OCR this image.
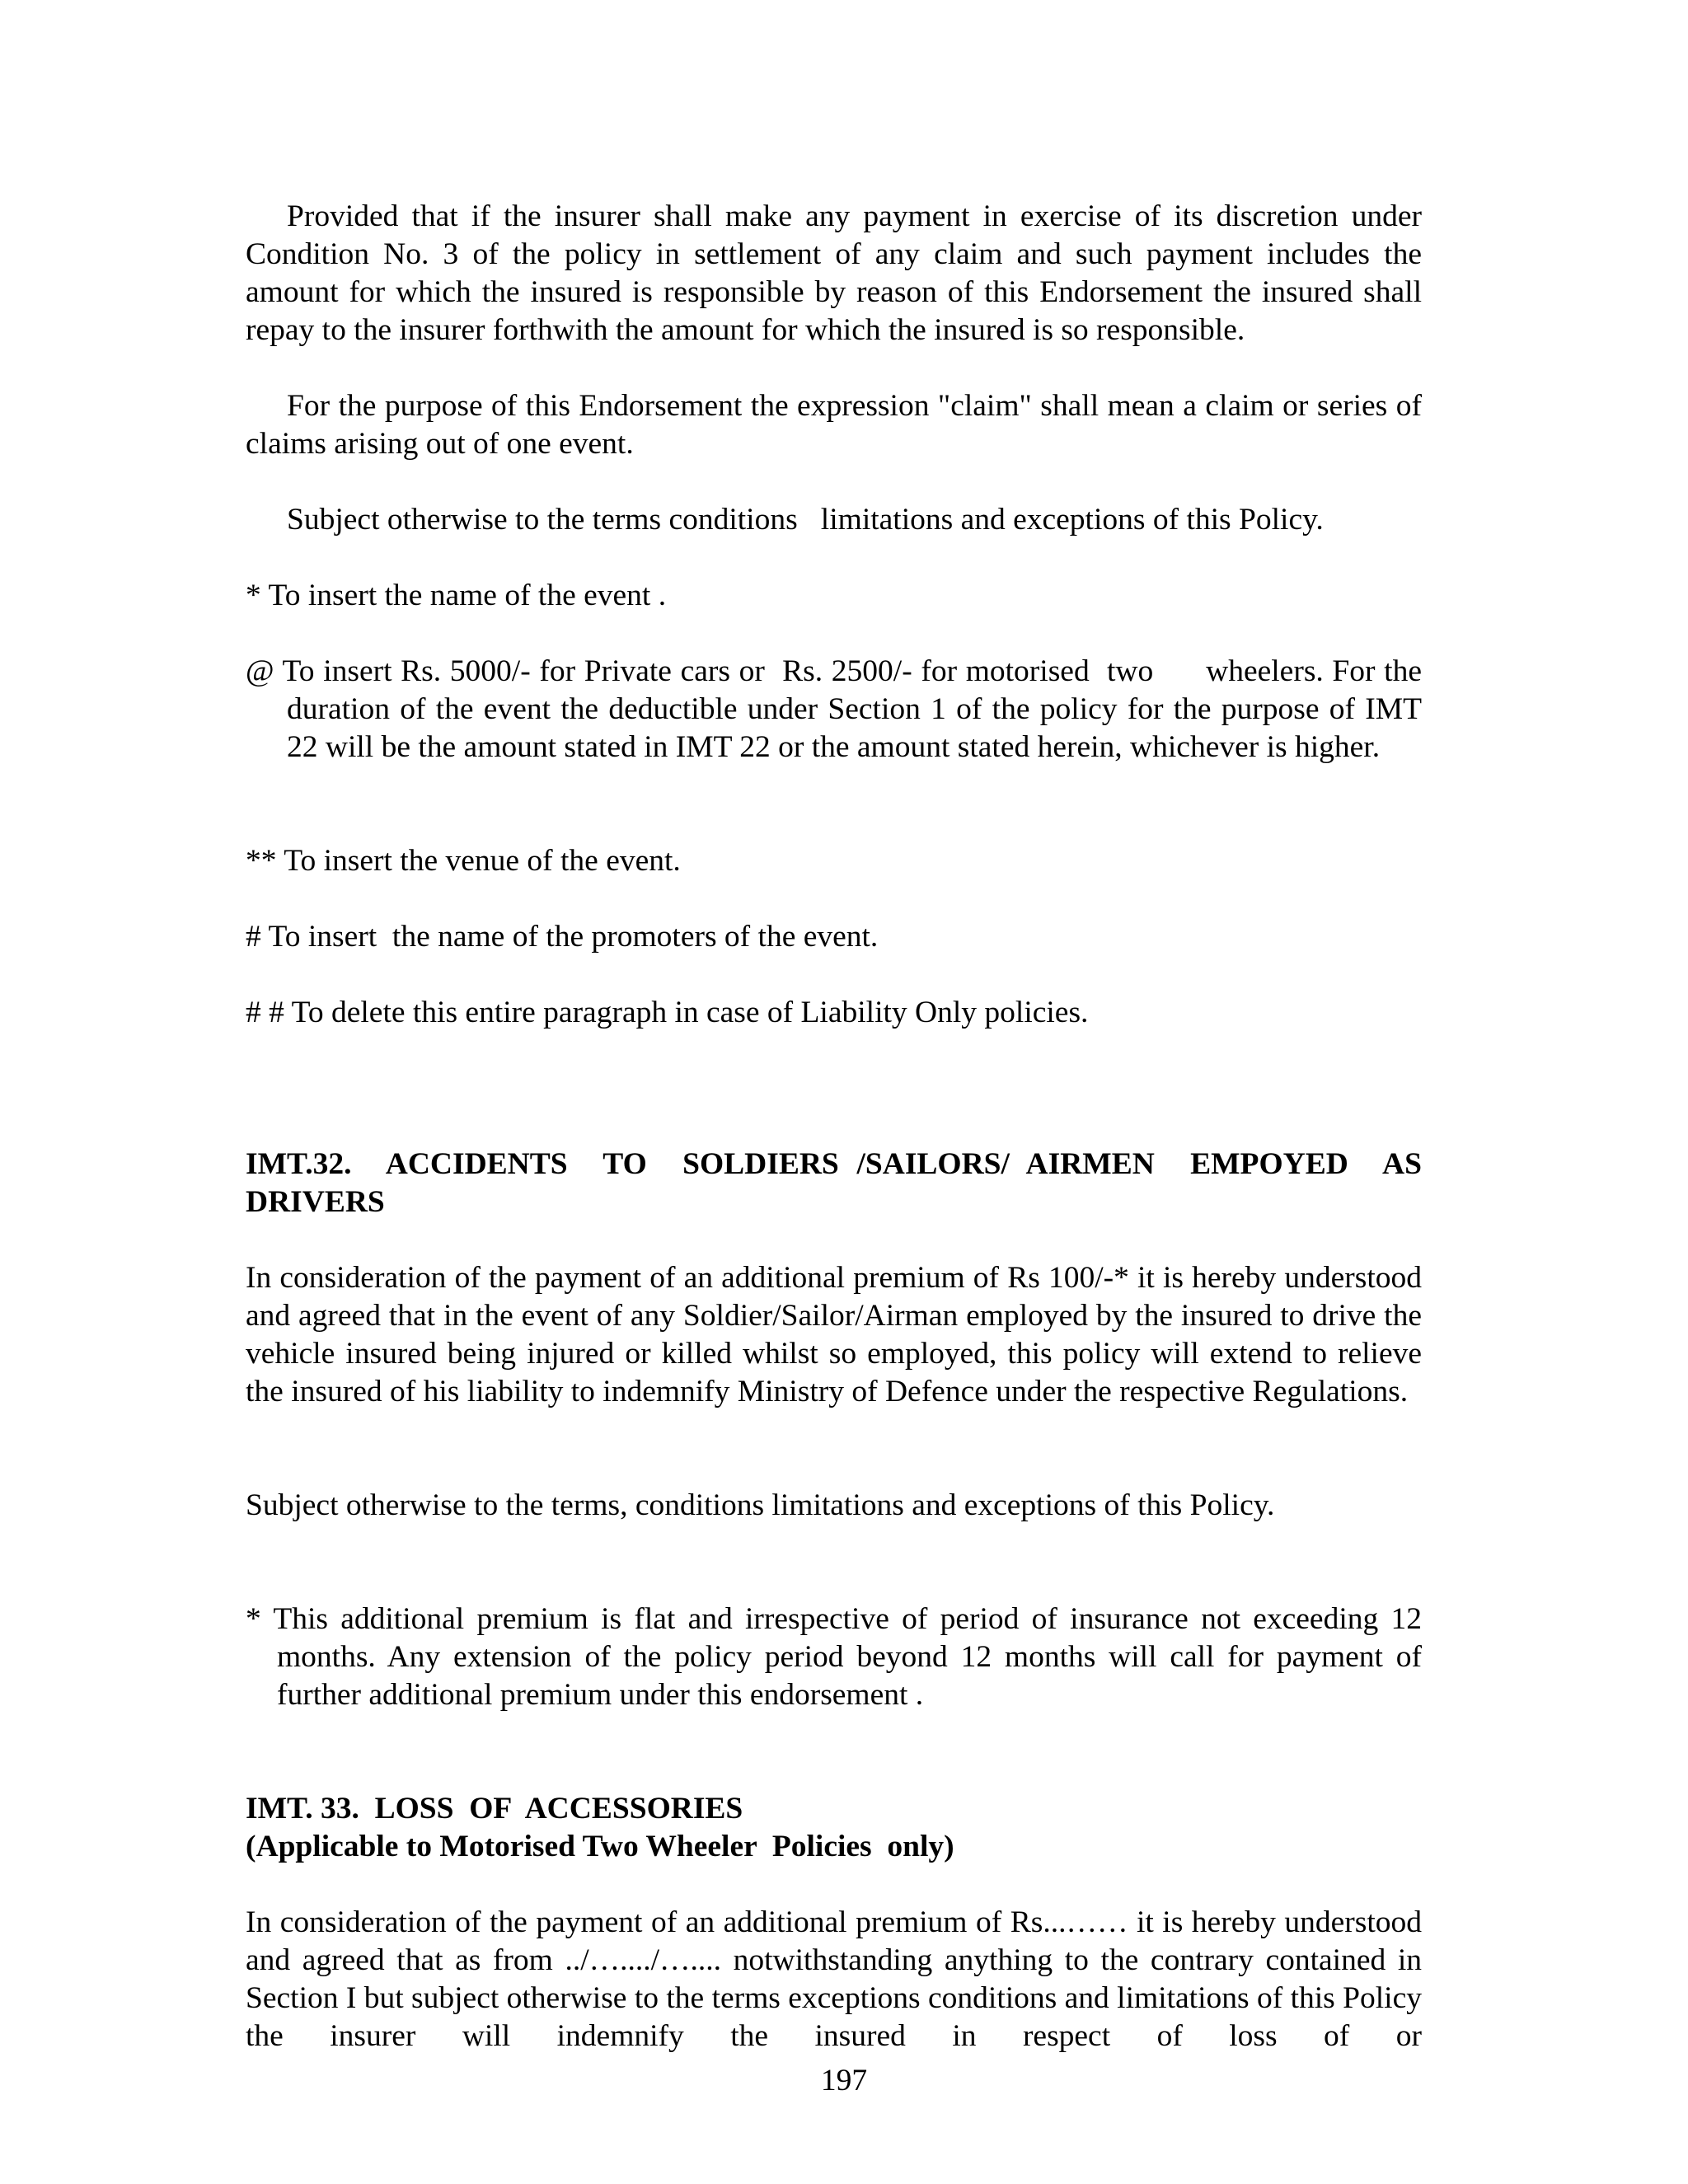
Provided that if the insurer shall make any payment in exercise of its discretion under Condition No. 3 of the policy in settlement of any claim and such payment includes the amount for which the insured is responsible by reason of this Endorsement the insured shall repay to the insurer forthwith the amount for which the insured is so responsible.

For the purpose of this Endorsement the expression "claim" shall mean a claim or series of claims arising out of one event.

Subject otherwise to the terms conditions   limitations and exceptions of this Policy.

* To insert the name of the event .

@ To insert Rs. 5000/- for Private cars or  Rs. 2500/- for motorised  two      wheelers. For the duration of the event the deductible under Section 1 of the policy for the purpose of IMT 22 will be the amount stated in IMT 22 or the amount stated herein, whichever is higher.

** To insert the venue of the event.

# To insert  the name of the promoters of the event.

# # To delete this entire paragraph in case of Liability Only policies.

IMT.32.  ACCIDENTS  TO  SOLDIERS /SAILORS/ AIRMEN  EMPOYED  AS DRIVERS

In consideration of the payment of an additional premium of Rs 100/-* it is hereby understood and agreed that in the event of any Soldier/Sailor/Airman employed by the insured to drive the vehicle insured being injured or killed whilst so employed, this policy will extend to relieve the insured of his liability to indemnify Ministry of Defence under the respective Regulations.

Subject otherwise to the terms, conditions limitations and exceptions of this Policy.

* This additional premium is flat and irrespective of period of insurance not exceeding 12 months. Any extension of the policy period beyond 12 months will call for payment of further additional premium under this endorsement .

IMT. 33.  LOSS  OF  ACCESSORIES

(Applicable to Motorised Two Wheeler  Policies  only)

In consideration of the payment of an additional premium of Rs...…… it is hereby understood and agreed that as from ../…..../….... notwithstanding anything to the contrary contained in Section I but subject otherwise to the terms exceptions conditions and limitations of this Policy the insurer will indemnify the insured in respect of loss of or

197
